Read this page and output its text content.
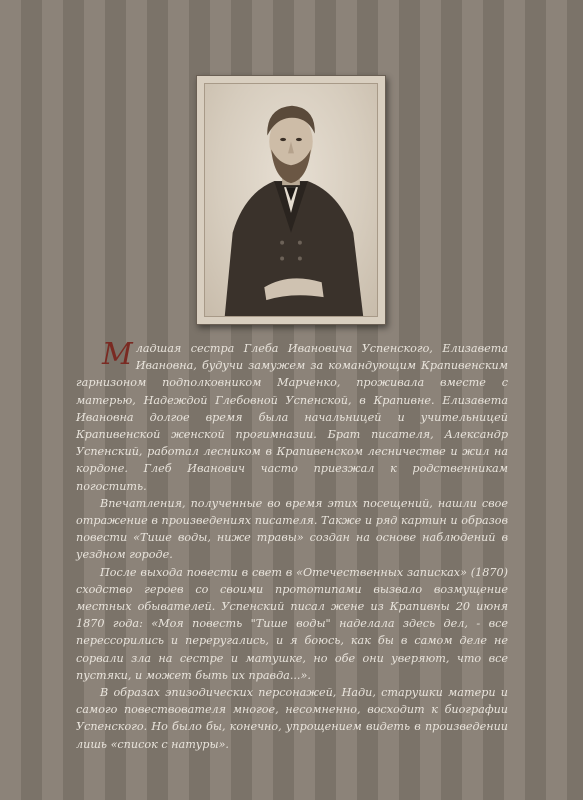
Младшая сестра Глеба Ивановича Успенского, Елизавета Ивановна, будучи замужем за командующим Крапивенским гарнизоном подполковником Марченко, проживала вместе с матерью, Надеждой Глебовной Успенской, в Крапивне. Елизавета Ивановна долгое время была начальницей и учительницей Крапивенской женской прогимназии. Брат писателя, Александр Успенский, работал лесником в Крапивенском лесничестве и жил на кордоне. Глеб Иванович часто приезжал к родственникам погостить.

Впечатления, полученные во время этих посещений, нашли свое отражение в произведениях писателя. Также и ряд картин и образов повести «Тише воды, ниже травы» создан на основе наблюдений в уездном городе.

После выхода повести в свет в «Отечественных записках» (1870) сходство героев со своими прототипами вызвало возмущение местных обывателей. Успенский писал жене из Крапивны 20 июня 1870 года: «Моя повесть "Тише воды" наделала здесь дел, - все перессорились и переругались, и я боюсь, как бы в самом деле не сорвали зла на сестре и матушке, но обе они уверяют, что все пустяки, и может быть их правда...».

В образах эпизодических персонажей, Нади, старушки матери и самого повествователя многое, несомненно, восходит к биографии Успенского. Но было бы, конечно, упрощением видеть в произведении лишь «список с натуры».
